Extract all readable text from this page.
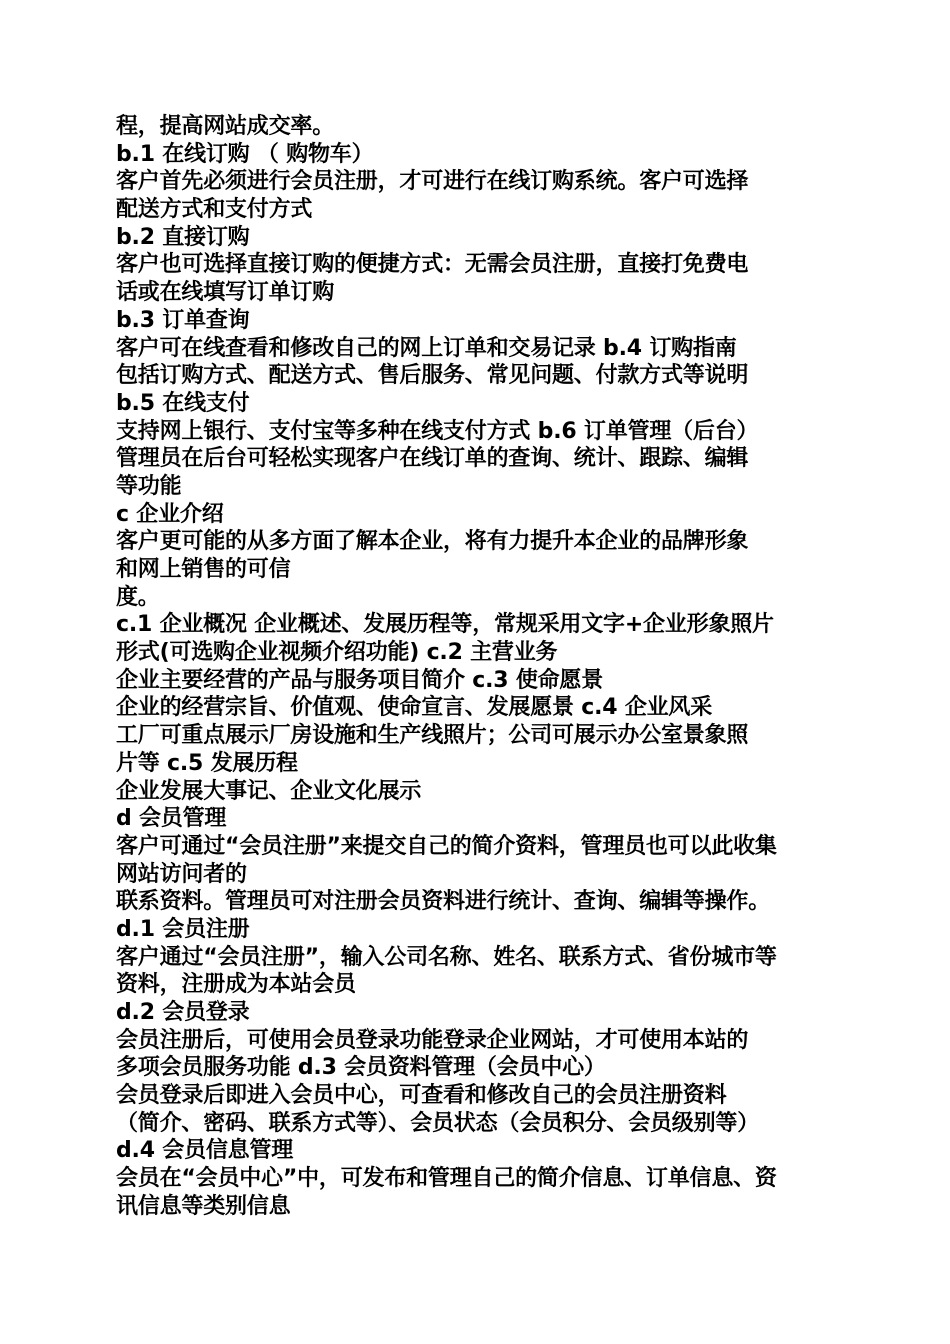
程，提高网站成交率。
b.1 在线订购 （ 购物车）
客户首先必须进行会员注册，才可进行在线订购系统。客户可选择
配送方式和支付方式
b.2 直接订购
客户也可选择直接订购的便捷方式：无需会员注册，直接打免费电
话或在线填写订单订购
b.3 订单查询
客户可在线查看和修改自己的网上订单和交易记录 b.4 订购指南
包括订购方式、配送方式、售后服务、常见问题、付款方式等说明
b.5 在线支付
支持网上银行、支付宝等多种在线支付方式 b.6 订单管理（后台）
管理员在后台可轻松实现客户在线订单的查询、统计、跟踪、编辑
等功能
c 企业介绍
客户更可能的从多方面了解本企业，将有力提升本企业的品牌形象
和网上销售的可信
度。
c.1 企业概况 企业概述、发展历程等，常规采用文字+企业形象照片
形式(可选购企业视频介绍功能) c.2 主营业务
企业主要经营的产品与服务项目简介 c.3 使命愿景
企业的经营宗旨、价值观、使命宣言、发展愿景 c.4 企业风采
工厂可重点展示厂房设施和生产线照片；公司可展示办公室景象照
片等 c.5 发展历程
企业发展大事记、企业文化展示
d 会员管理
客户可通过“会员注册”来提交自己的简介资料，管理员也可以此收集
网站访问者的
联系资料。管理员可对注册会员资料进行统计、查询、编辑等操作。
d.1 会员注册
客户通过“会员注册”，输入公司名称、姓名、联系方式、省份城市等
资料，注册成为本站会员
d.2 会员登录
会员注册后，可使用会员登录功能登录企业网站，才可使用本站的
多项会员服务功能 d.3 会员资料管理（会员中心）
会员登录后即进入会员中心，可查看和修改自己的会员注册资料
（简介、密码、联系方式等）、会员状态（会员积分、会员级别等）
d.4 会员信息管理
会员在“会员中心”中，可发布和管理自己的简介信息、订单信息、资
讯信息等类别信息
